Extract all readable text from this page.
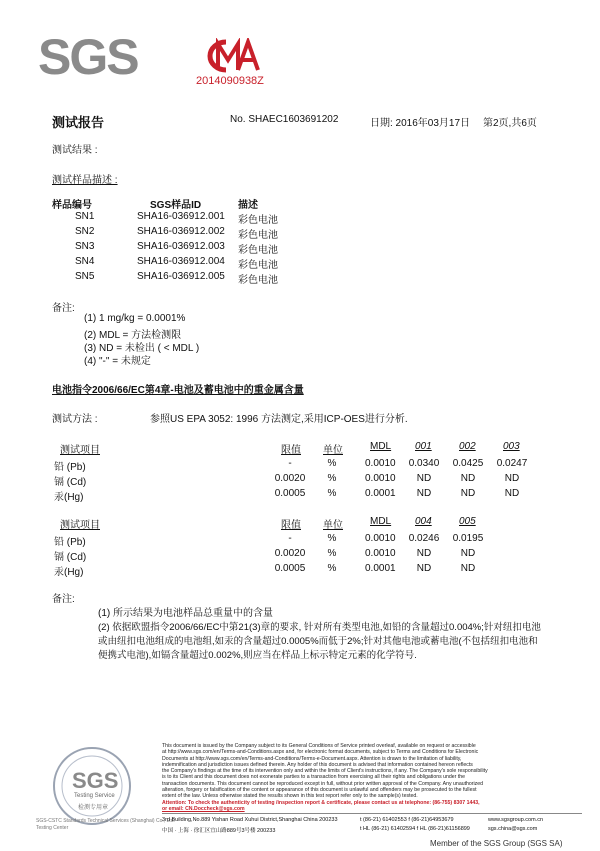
SGS	2014090938Z
测试报告	No. SHAEC1603691202	日期: 2016年03月17日 第2页,共6页
测试结果 :
测试样品描述 :
样品编号	SGS样品ID	描述
SN1	SHA16-036912.001 彩色电池
SN2	SHA16-036912.002 彩色电池
SN3	SHA16-036912.003 彩色电池
SN4	SHA16-036912.004 彩色电池
SN5	SHA16-036912.005 彩色电池
备注:
(1) 1 mg/kg = 0.0001%
(2) MDL = 方法检测限
(3) ND = 未检出 ( < MDL )
(4) "-" = 未规定
电池指令2006/66/EC第4章-电池及蓄电池中的重金属含量
测试方法 :	参照US EPA 3052: 1996 方法测定,采用ICP-OES进行分析.
测试项目	限值 单位	MDL 001	002	003
铅 (Pb)	-	%	0.0010	0.0340	0.0425	0.0247
镉 (Cd)	0.0020	%	0.0010	ND	ND	ND
汞(Hg)	0.0005	%	0.0001	ND	ND	ND
测试项目	限值 单位	MDL 004	005
铅 (Pb)	-	%	0.0010	0.0246	0.0195
镉 (Cd)	0.0020	%	0.0010	ND	ND
汞(Hg)	0.0005	%	0.0001	ND	ND
备注:
(1) 所示结果为电池样品总重量中的含量
(2) 依据欧盟指令2006/66/EC中第21(3)章的要求, 针对所有类型电池,如铅的含量超过0.004%;针对纽扣电池
或由纽扣电池组成的电池组,如汞的含量超过0.0005%而低于2%;针对其他电池或蓄电池(不包括纽扣电池和
便携式电池),如镉含量超过0.002%,则应当在样品上标示特定元素的化学符号.
SGS
Testing Service
检测专用章
SGS-CSTC Standards Technical Services (Shanghai) Co., Ltd.
Testing Center
This document is issued by the Company subject to its General Conditions of Service printed overleaf, available on request or accessible
at http://www.sgs.com/en/Terms-and-Conditions.aspx and, for electronic format documents, subject to Terms and Conditions for Electronic
Documents at http://www.sgs.com/en/Terms-and-Conditions/Terms-e-Document.aspx. Attention is drawn to the limitation of liability,
indemnification and jurisdiction issues defined therein. Any holder of this document is advised that information contained hereon reflects
the Company's findings at the time of its intervention only and within the limits of Client's instructions, if any. The Company's sole responsibility
is to its Client and this document does not exonerate parties to a transaction from exercising all their rights and obligations under the
transaction documents. This document cannot be reproduced except in full, without prior written approval of the Company. Any unauthorized
alteration, forgery or falsification of the content or appearance of this document is unlawful and offenders may be prosecuted to the fullest
extent of the law. Unless otherwise stated the results shown in this test report refer only to the sample(s) tested.
Attention: To check the authenticity of testing /inspection report & certificate, please contact us at telephone: (86-755) 8307 1443,
or email: CN.Doccheck@sgs.com
3rd Building,No.889 Yishan Road Xuhui District,Shanghai China 200233
中国 · 上海 · 徐汇区宜山路889号3号楼 200233
t (86-21) 61402553 f (86-21)64953679
t HL (86-21) 61402594 f HL (86-21)61156899
www.sgsgroup.com.cn
sgs.china@sgs.com
Member of the SGS Group (SGS SA)
